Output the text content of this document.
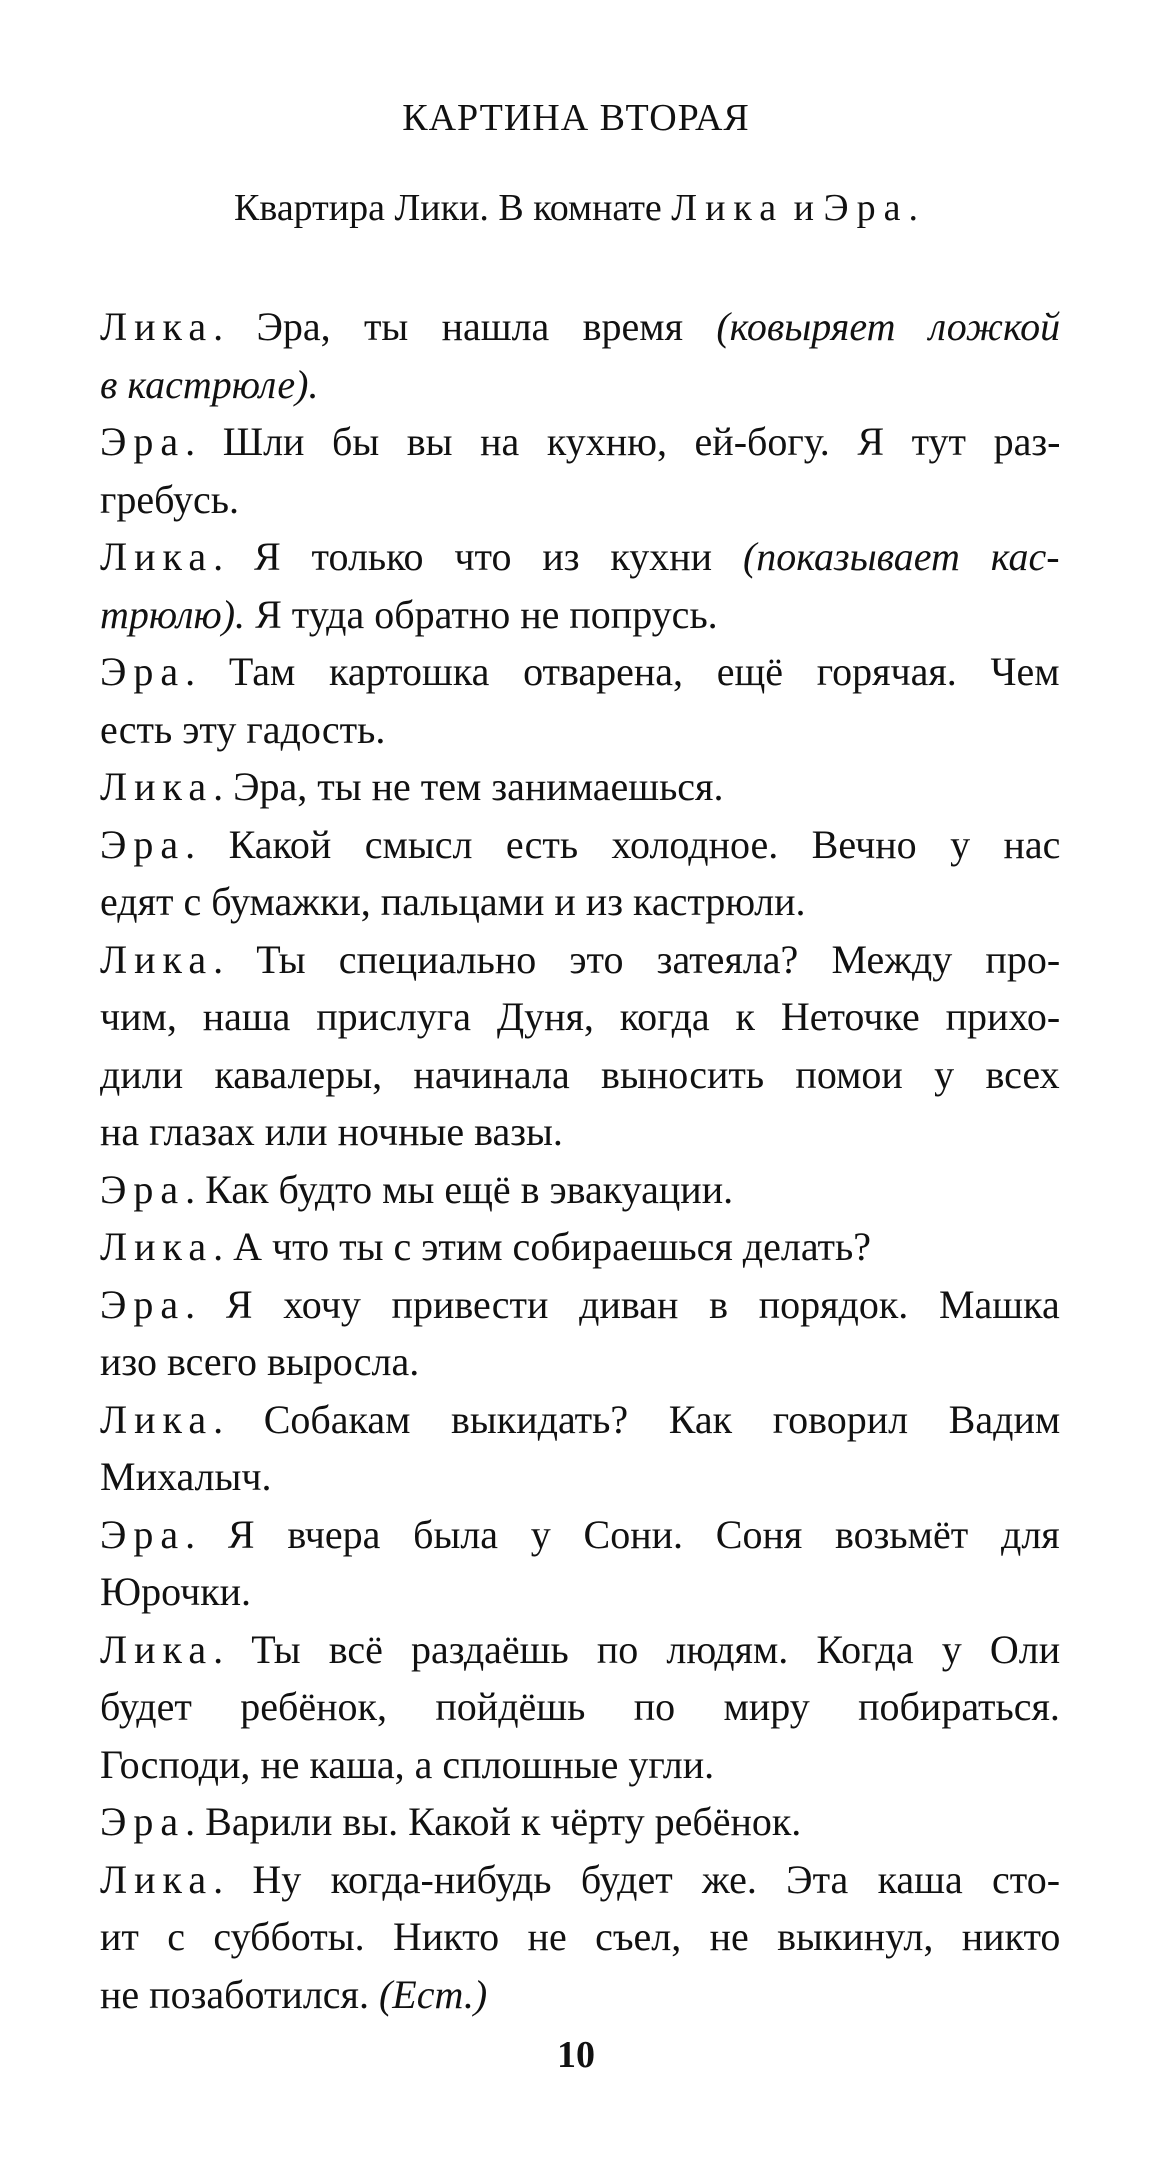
КАРТИНА ВТОРАЯ
Квартира Лики. В комнате Лика и Эра.
Лика. Эра, ты нашла время (ковыряет ложкой
в кастрюле).
Эра. Шли бы вы на кухню, ей-богу. Я тут раз-
гребусь.
Лика. Я только что из кухни (показывает кас-
трюлю). Я туда обратно не попрусь.
Эра. Там картошка отварена, ещё горячая. Чем
есть эту гадость.
Лика. Эра, ты не тем занимаешься.
Эра. Какой смысл есть холодное. Вечно у нас
едят с бумажки, пальцами и из кастрюли.
Лика. Ты специально это затеяла? Между про-
чим, наша прислуга Дуня, когда к Неточке прихо-
дили кавалеры, начинала выносить помои у всех
на глазах или ночные вазы.
Эра. Как будто мы ещё в эвакуации.
Лика. А что ты с этим собираешься делать?
Эра. Я хочу привести диван в порядок. Машка
изо всего выросла.
Лика. Собакам выкидать? Как говорил Вадим
Михалыч.
Эра. Я вчера была у Сони. Соня возьмёт для
Юрочки.
Лика. Ты всё раздаёшь по людям. Когда у Оли
будет ребёнок, пойдёшь по миру побираться.
Господи, не каша, а сплошные угли.
Эра. Варили вы. Какой к чёрту ребёнок.
Лика. Ну когда-нибудь будет же. Эта каша сто-
ит с субботы. Никто не съел, не выкинул, никто
не позаботился. (Ест.)
10
